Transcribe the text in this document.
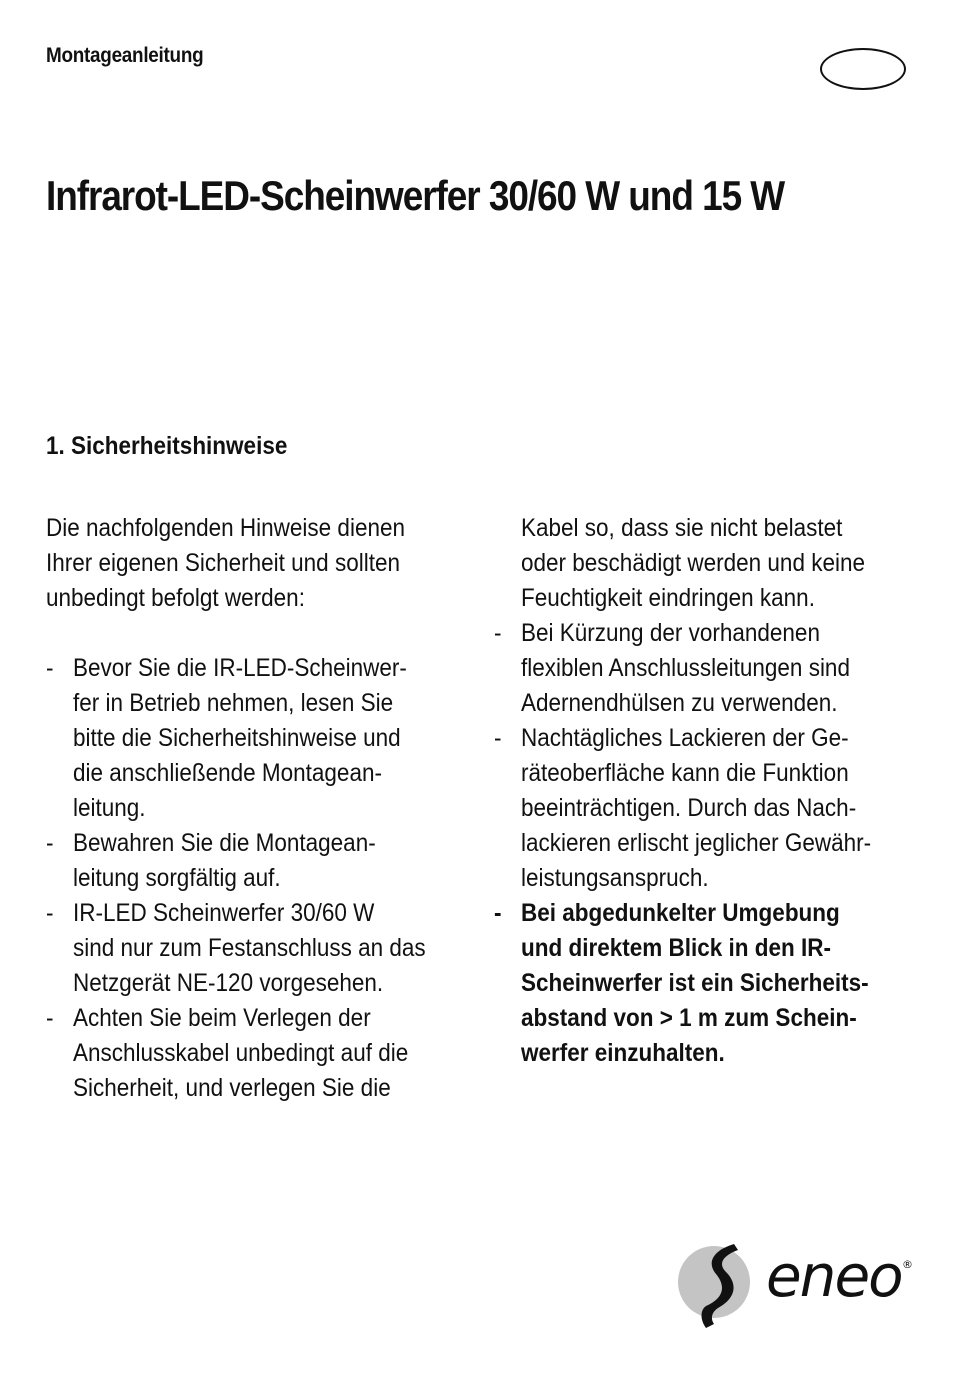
Montageanleitung
Infrarot-LED-Scheinwerfer 30/60 W und 15 W
1. Sicherheitshinweise
Die nachfolgenden Hinweise dienen
Ihrer eigenen Sicherheit und sollten
unbedingt befolgt werden:
- Bevor Sie die IR-LED-Scheinwer-
fer in Betrieb nehmen, lesen Sie
bitte die Sicherheitshinweise und
die anschließende Montagean-
leitung.
- Bewahren Sie die Montagean-
leitung sorgfältig auf.
- IR-LED Scheinwerfer 30/60 W
sind nur zum Festanschluss an das
Netzgerät NE-120 vorgesehen.
- Achten Sie beim Verlegen der
Anschlusskabel unbedingt auf die
Sicherheit, und verlegen Sie die
Kabel so, dass sie nicht belastet
oder beschädigt werden und keine
Feuchtigkeit eindringen kann.
- Bei Kürzung der vorhandenen
flexiblen Anschlussleitungen sind
Adernendhülsen zu verwenden.
- Nachtägliches Lackieren der Ge-
räteoberfläche kann die Funktion
beeinträchtigen. Durch das Nach-
lackieren erlischt jeglicher Gewähr-
leistungsanspruch.
- Bei abgedunkelter Umgebung
und direktem Blick in den IR-
Scheinwerfer ist ein Sicherheits-
abstand von > 1 m zum Schein-
werfer einzuhalten.
eneo ®
